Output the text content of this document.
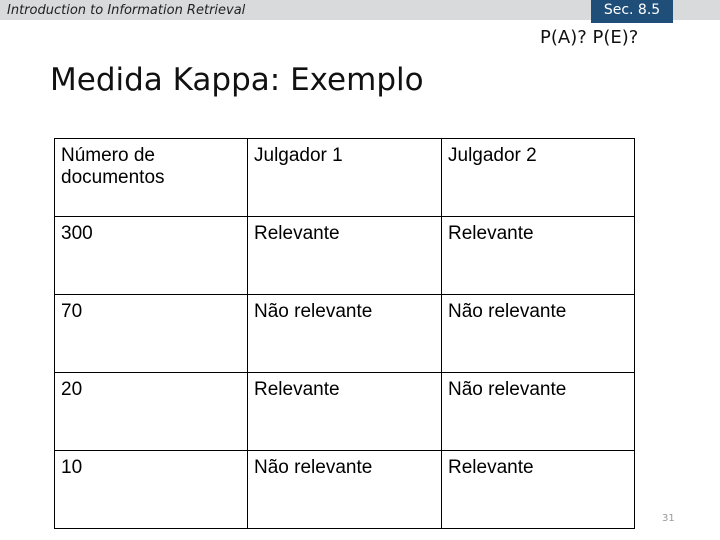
Introduction to Information Retrieval	Sec. 8.5
P(A)? P(E)?
Medida Kappa: Exemplo
Número de documentos	Julgador 1	Julgador 2
300	Relevante	Relevante
70	Não relevante	Não relevante
20	Relevante	Não relevante
10	Não relevante	Relevante
31
